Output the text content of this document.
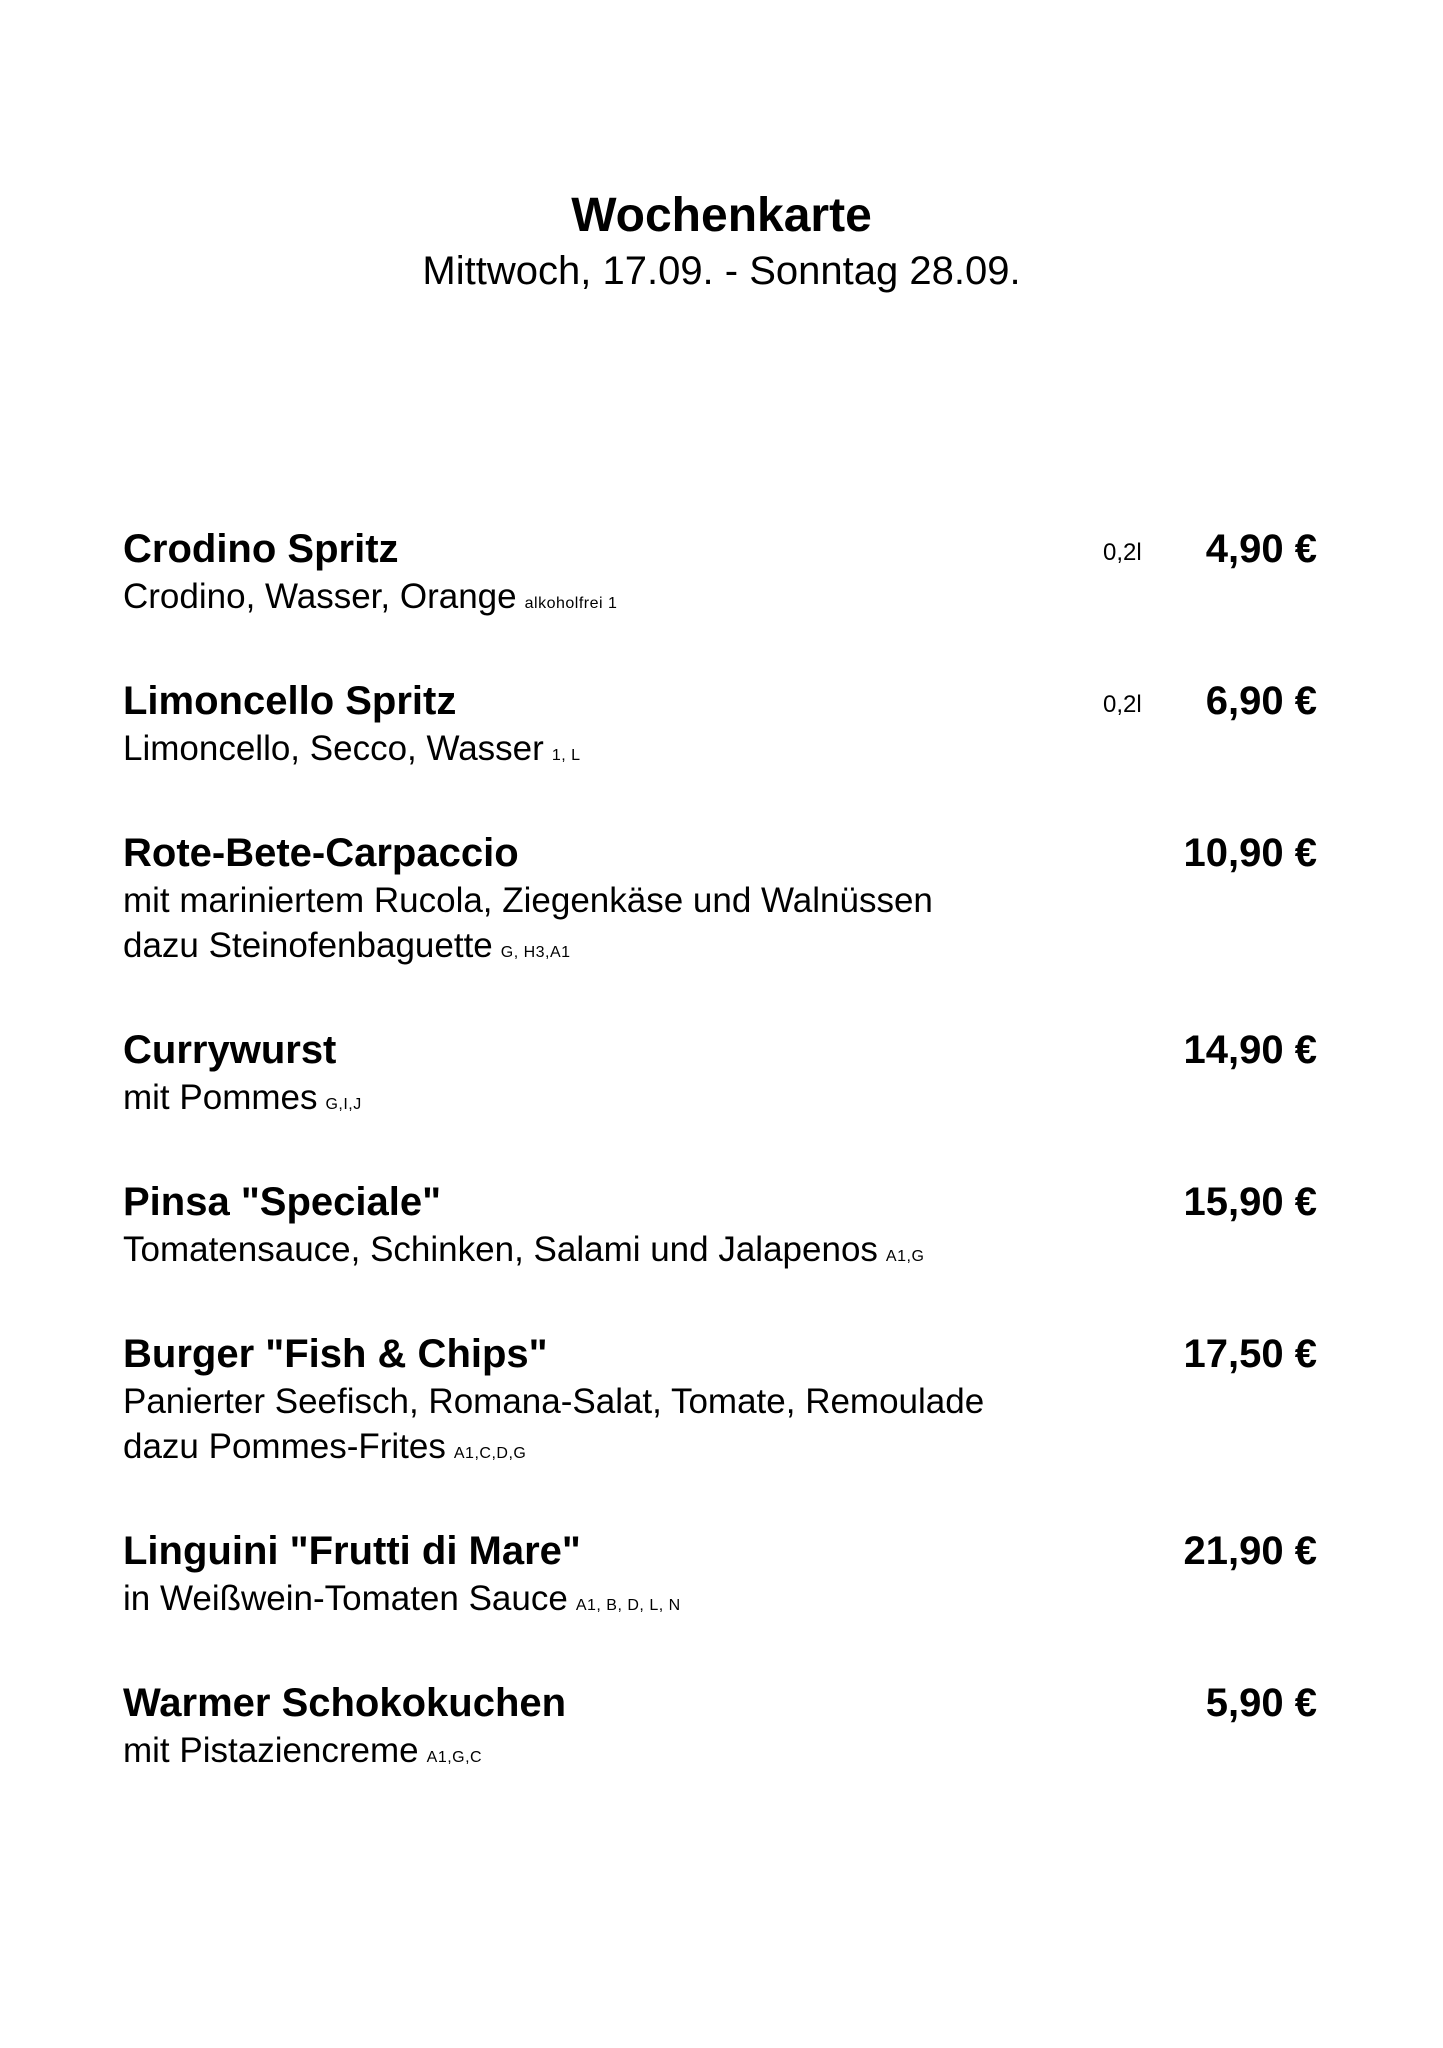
Wochenkarte
Mittwoch, 17.09. - Sonntag 28.09.
Crodino Spritz	0,2l 4,90 €
Crodino, Wasser, Orange alkoholfrei 1
Limoncello Spritz	0,2l 6,90 €
Limoncello, Secco, Wasser 1, L
Rote-Bete-Carpaccio	10,90 €
mit mariniertem Rucola, Ziegenkäse und Walnüssen
dazu Steinofenbaguette G, H3,A1
Currywurst	14,90 €
mit Pommes G,I,J
Pinsa "Speciale"	15,90 €
Tomatensauce, Schinken, Salami und Jalapenos A1,G
Burger "Fish & Chips"	17,50 €
Panierter Seefisch, Romana-Salat, Tomate, Remoulade
dazu Pommes-Frites A1,C,D,G
Linguini "Frutti di Mare"	21,90 €
in Weißwein-Tomaten Sauce A1, B, D, L, N
Warmer Schokokuchen	5,90 €
mit Pistaziencreme A1,G,C
